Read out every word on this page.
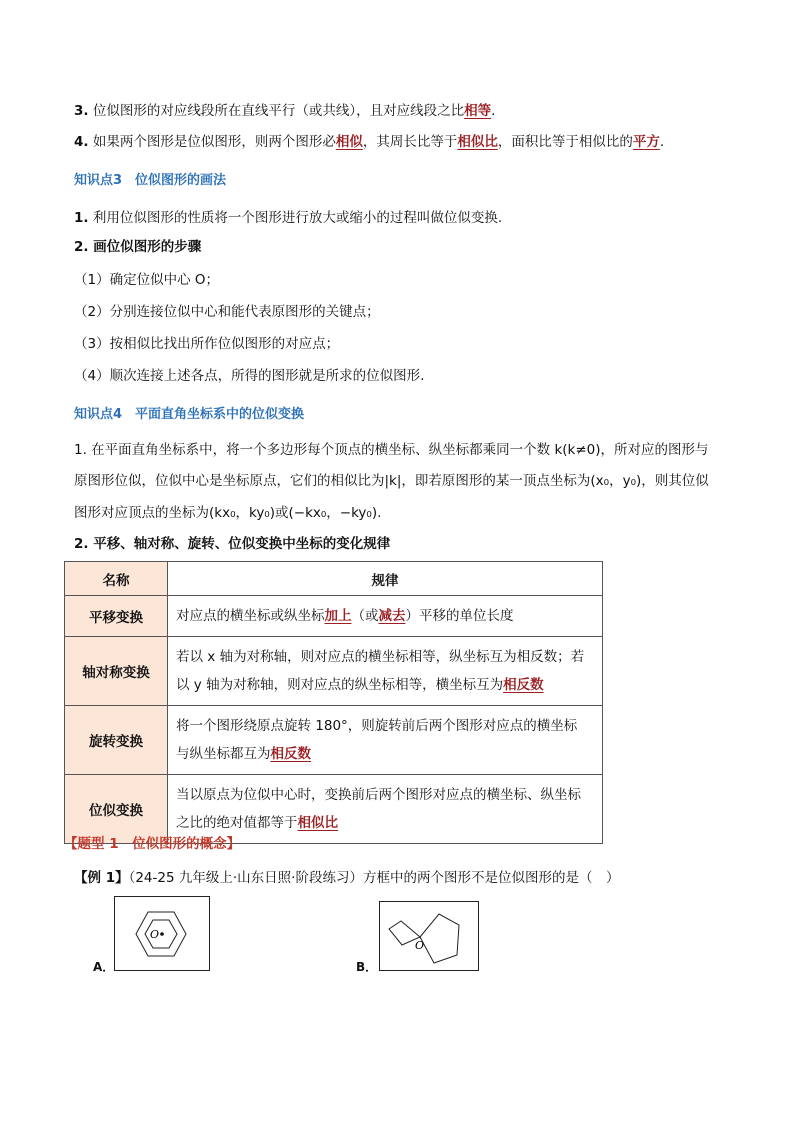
3. 位似图形的对应线段所在直线平行（或共线），且对应线段之比相等.
4. 如果两个图形是位似图形，则两个图形必相似，其周长比等于相似比，面积比等于相似比的平方.
知识点3　位似图形的画法
1. 利用位似图形的性质将一个图形进行放大或缩小的过程叫做位似变换.
2. 画位似图形的步骤
（1）确定位似中心 O；
（2）分别连接位似中心和能代表原图形的关键点；
（3）按相似比找出所作位似图形的对应点；
（4）顺次连接上述各点，所得的图形就是所求的位似图形.
知识点4　平面直角坐标系中的位似变换
1. 在平面直角坐标系中，将一个多边形每个顶点的横坐标、纵坐标都乘同一个数 k(k≠0)，所对应的图形与
原图形位似，位似中心是坐标原点，它们的相似比为|k|，即若原图形的某一顶点坐标为(x₀，y₀)，则其位似
图形对应顶点的坐标为(kx₀，ky₀)或(−kx₀，−ky₀).
2. 平移、轴对称、旋转、位似变换中坐标的变化规律
名称	规律
平移变换	对应点的横坐标或纵坐标加上（或减去）平移的单位长度
轴对称变换	若以 x 轴为对称轴，则对应点的横坐标相等，纵坐标互为相反数；若
以 y 轴为对称轴，则对应点的纵坐标相等，横坐标互为相反数
旋转变换	将一个图形绕原点旋转 180°，则旋转前后两个图形对应点的横坐标
与纵坐标都互为相反数
位似变换	当以原点为位似中心时，变换前后两个图形对应点的横坐标、纵坐标
之比的绝对值都等于相似比
【题型 1　位似图形的概念】
【例 1】（24-25 九年级上·山东日照·阶段练习）方框中的两个图形不是位似图形的是（　）
A．
O
B．
O
